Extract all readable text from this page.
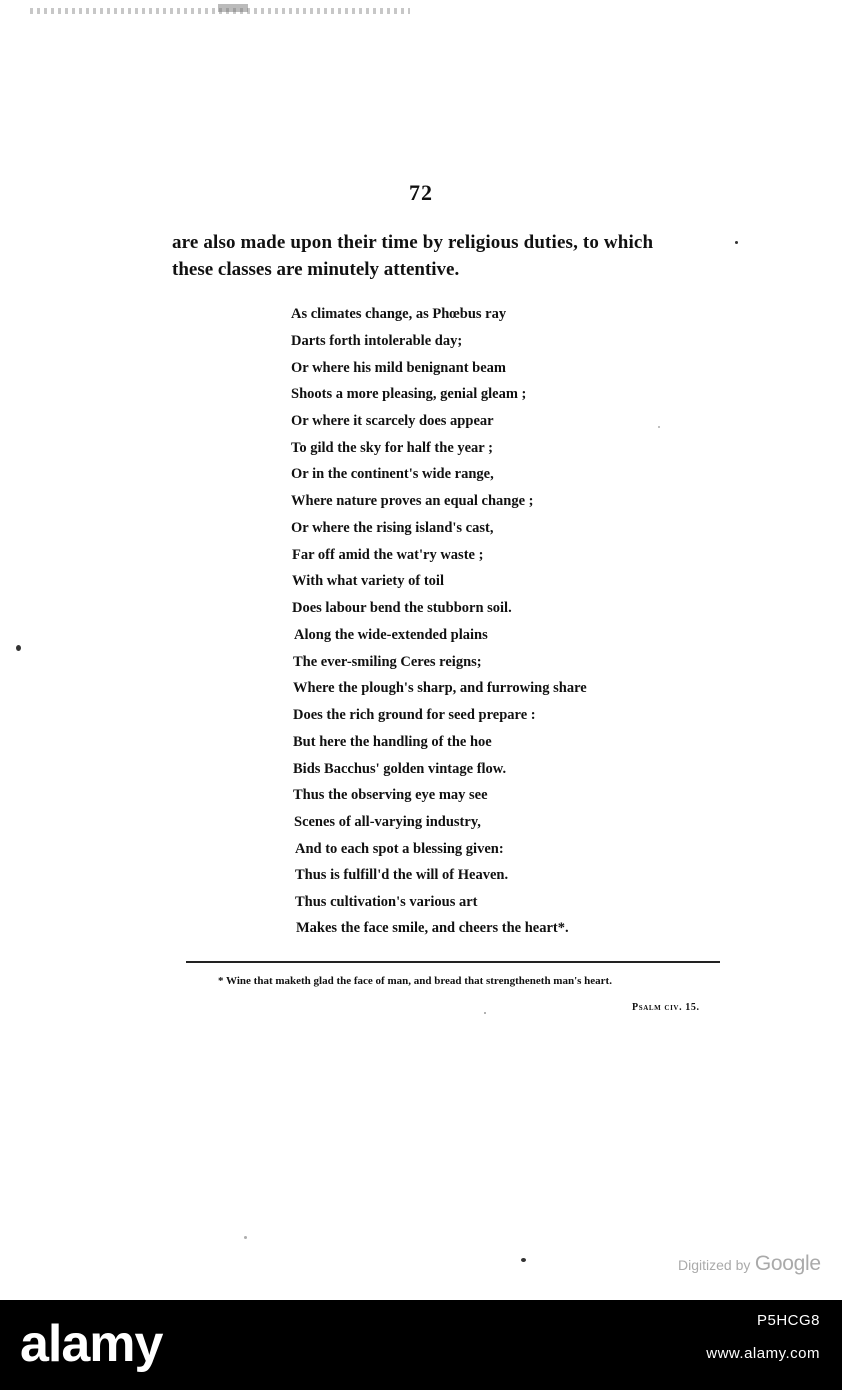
72
are also made upon their time by religious duties, to which
these classes are minutely attentive.
As climates change, as Phœbus ray
Darts forth intolerable day;
Or where his mild benignant beam
Shoots a more pleasing, genial gleam ;
Or where it scarcely does appear
To gild the sky for half the year ;
Or in the continent's wide range,
Where nature proves an equal change ;
Or where the rising island's cast,
Far off amid the wat'ry waste ;
With what variety of toil
Does labour bend the stubborn soil.
Along the wide-extended plains
The ever-smiling Ceres reigns;
Where the plough's sharp, and furrowing share
Does the rich ground for seed prepare :
But here the handling of the hoe
Bids Bacchus' golden vintage flow.
Thus the observing eye may see
Scenes of all-varying industry,
And to each spot a blessing given:
Thus is fulfill'd the will of Heaven.
Thus cultivation's various art
Makes the face smile, and cheers the heart*.
* Wine that maketh glad the face of man, and bread that strengtheneth man's heart.
Psalm civ. 15.
Digitized by Google
alamy	P5HCG8
www.alamy.com
